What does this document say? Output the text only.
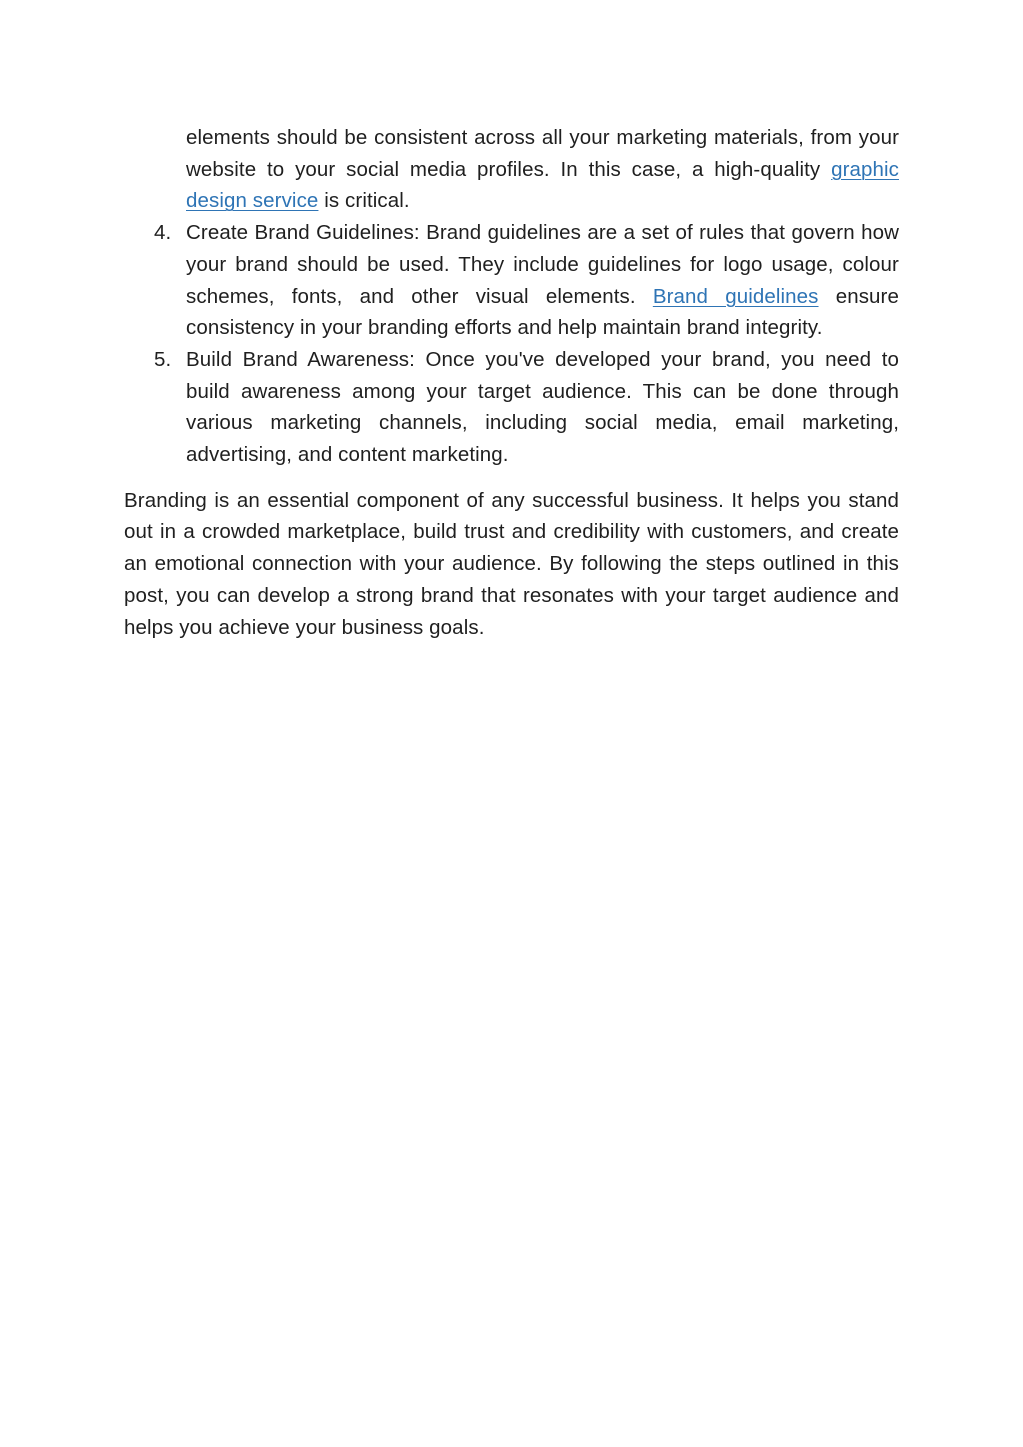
elements should be consistent across all your marketing materials, from your website to your social media profiles. In this case, a high-quality graphic design service is critical.

4. Create Brand Guidelines: Brand guidelines are a set of rules that govern how your brand should be used. They include guidelines for logo usage, colour schemes, fonts, and other visual elements. Brand guidelines ensure consistency in your branding efforts and help maintain brand integrity.
5. Build Brand Awareness: Once you've developed your brand, you need to build awareness among your target audience. This can be done through various marketing channels, including social media, email marketing, advertising, and content marketing.

Branding is an essential component of any successful business. It helps you stand out in a crowded marketplace, build trust and credibility with customers, and create an emotional connection with your audience. By following the steps outlined in this post, you can develop a strong brand that resonates with your target audience and helps you achieve your business goals.
